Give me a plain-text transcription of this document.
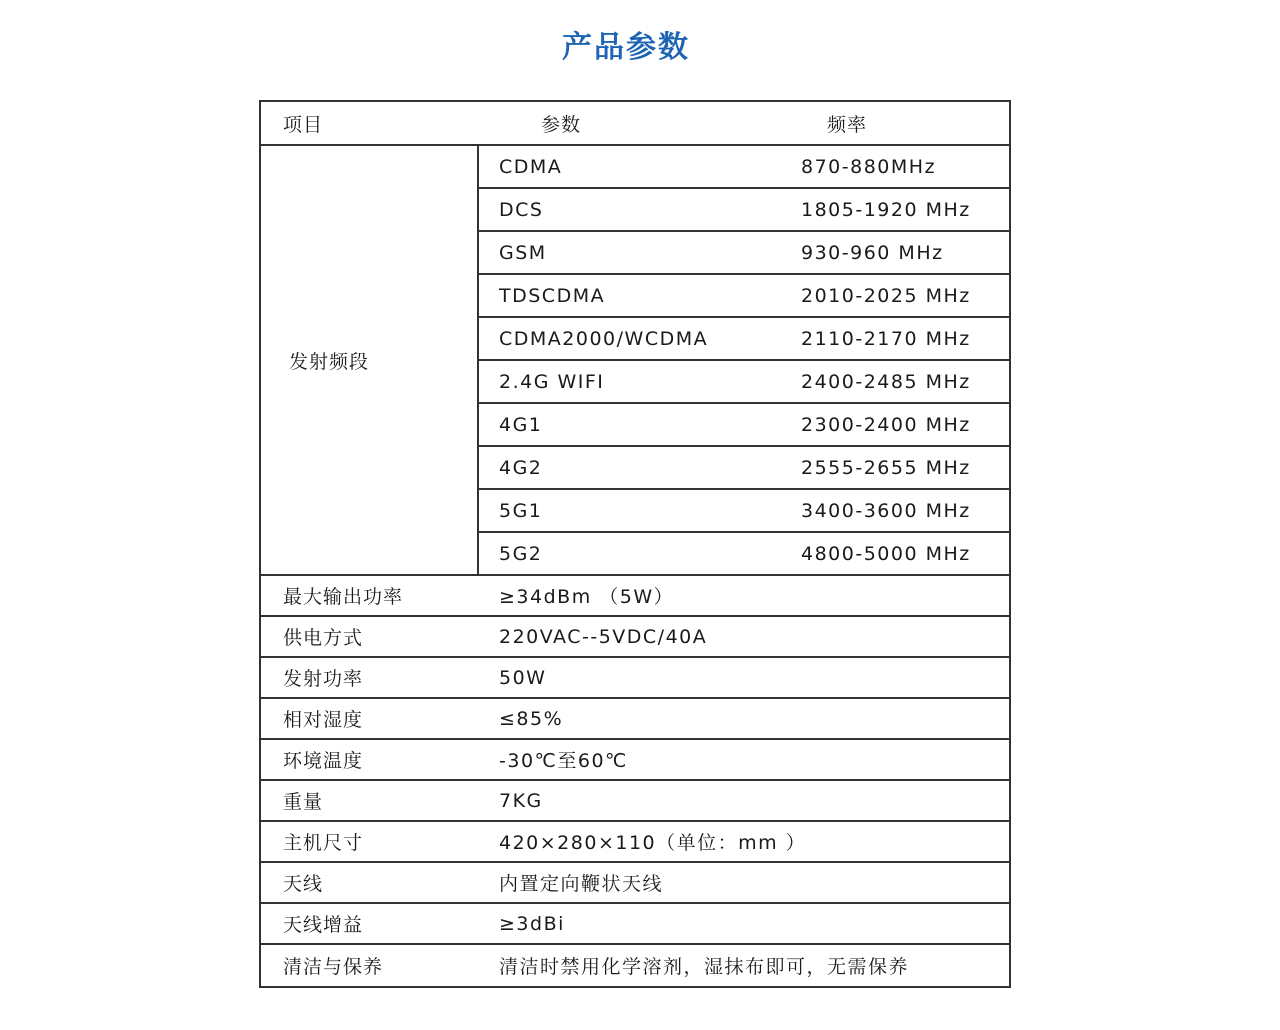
产品参数
项目	参数	频率
发射频段
CDMA	870-880MHz
DCS	1805-1920 MHz
GSM	930-960 MHz
TDSCDMA	2010-2025 MHz
CDMA2000/WCDMA	2110-2170 MHz
2.4G WIFI	2400-2485 MHz
4G1	2300-2400 MHz
4G2	2555-2655 MHz
5G1	3400-3600 MHz
5G2	4800-5000 MHz
最大输出功率	≥34dBm （5W）
供电方式	220VAC--5VDC/40A
发射功率	50W
相对湿度	≤85%
环境温度	-30℃至60℃
重量	7KG
主机尺寸	420×280×110（单位：mm ）
天线	内置定向鞭状天线
天线增益	≥3dBi
清洁与保养	清洁时禁用化学溶剂，湿抹布即可，无需保养
